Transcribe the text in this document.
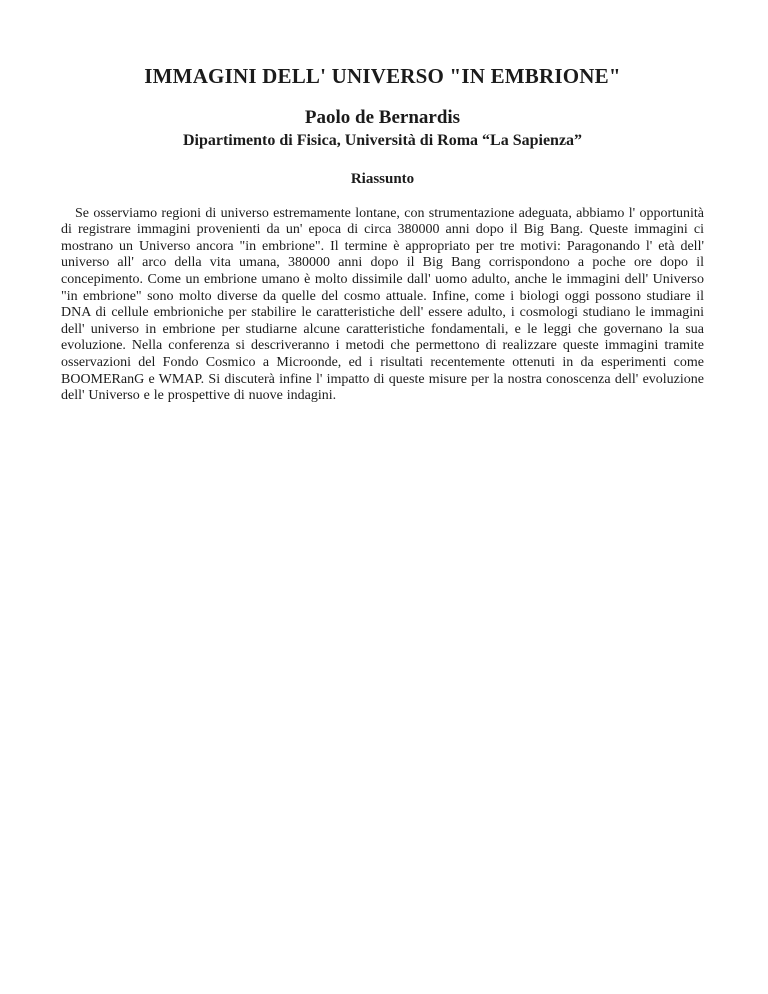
IMMAGINI DELL' UNIVERSO "IN EMBRIONE"
Paolo de Bernardis
Dipartimento di Fisica, Università di Roma “La Sapienza”
Riassunto

Se osserviamo regioni di universo estremamente lontane, con strumentazione adeguata, abbiamo l' opportunità di registrare immagini provenienti da un' epoca di circa 380000 anni dopo il Big Bang. Queste immagini ci mostrano un Universo ancora "in embrione". Il termine è appropriato per tre motivi: Paragonando l' età dell' universo all' arco della vita umana, 380000 anni dopo il Big Bang corrispondono a poche ore dopo il concepimento. Come un embrione umano è molto dissimile dall' uomo adulto, anche le immagini dell' Universo "in embrione" sono molto diverse da quelle del cosmo attuale. Infine, come i biologi oggi possono studiare il DNA di cellule embrioniche per stabilire le caratteristiche dell' essere adulto, i cosmologi studiano le immagini dell' universo in embrione per studiarne alcune caratteristiche fondamentali, e le leggi che governano la sua evoluzione. Nella conferenza si descriveranno i metodi che permettono di realizzare queste immagini tramite osservazioni del Fondo Cosmico a Microonde, ed i risultati recentemente ottenuti in da esperimenti come BOOMERanG e WMAP. Si discuterà infine l' impatto di queste misure per la nostra conoscenza dell' evoluzione dell' Universo e le prospettive di nuove indagini.
